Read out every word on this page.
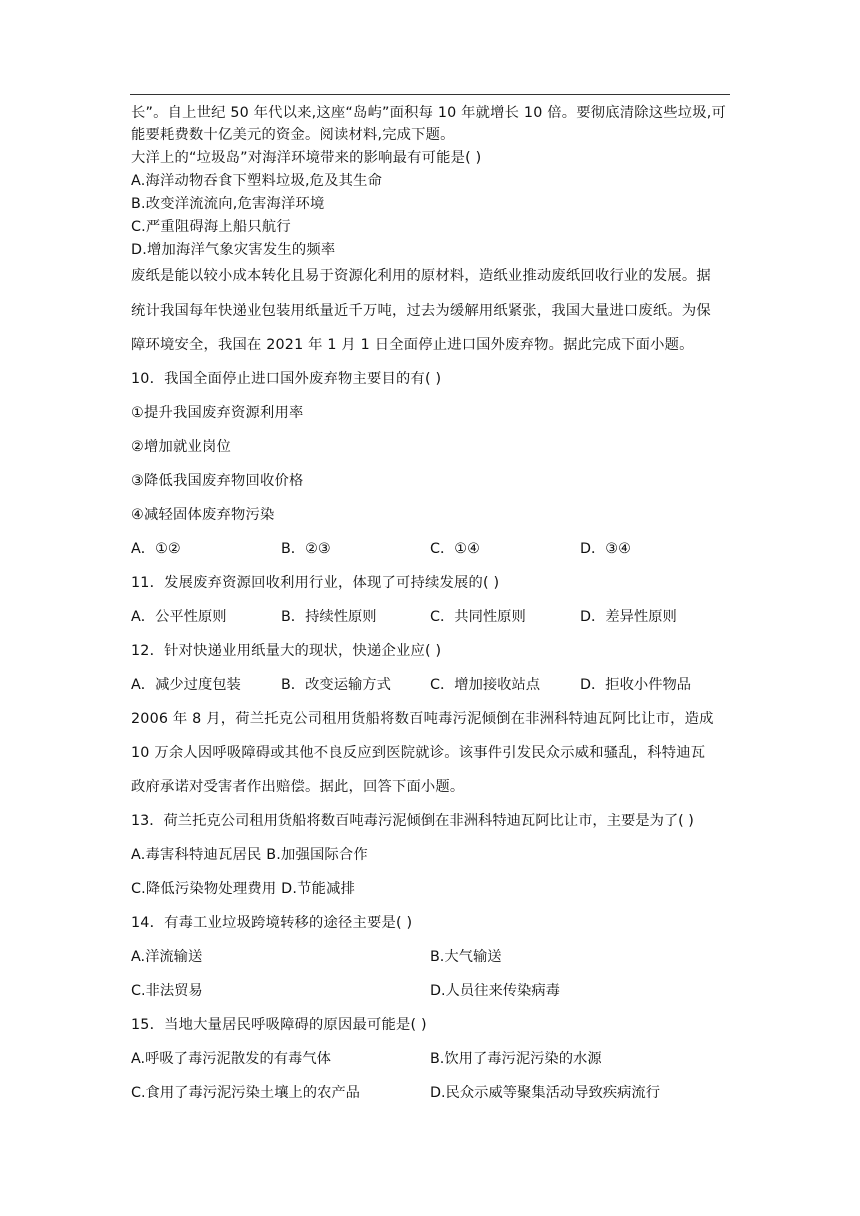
长”。自上世纪 50 年代以来,这座“岛屿”面积每 10 年就增长 10 倍。要彻底清除这些垃圾,可
能要耗费数十亿美元的资金。阅读材料,完成下题。
大洋上的“垃圾岛”对海洋环境带来的影响最有可能是( )
A.海洋动物吞食下塑料垃圾,危及其生命
B.改变洋流流向,危害海洋环境
C.严重阻碍海上船只航行
D.增加海洋气象灾害发生的频率
废纸是能以较小成本转化且易于资源化利用的原材料，造纸业推动废纸回收行业的发展。据
统计我国每年快递业包装用纸量近千万吨，过去为缓解用纸紧张，我国大量进口废纸。为保
障环境安全，我国在 2021 年 1 月 1 日全面停止进口国外废弃物。据此完成下面小题。
10．我国全面停止进口国外废弃物主要目的有( )
①提升我国废弃资源利用率
②增加就业岗位
③降低我国废弃物回收价格
④减轻固体废弃物污染
A．①②	B．②③	C．①④	D．③④
11．发展废弃资源回收利用行业，体现了可持续发展的( )
A．公平性原则	B．持续性原则	C．共同性原则	D．差异性原则
12．针对快递业用纸量大的现状，快递企业应( )
A．减少过度包装	B．改变运输方式	C．增加接收站点	D．拒收小件物品
2006 年 8 月，荷兰托克公司租用货船将数百吨毒污泥倾倒在非洲科特迪瓦阿比让市，造成
10 万余人因呼吸障碍或其他不良反应到医院就诊。该事件引发民众示威和骚乱，科特迪瓦
政府承诺对受害者作出赔偿。据此，回答下面小题。
13．荷兰托克公司租用货船将数百吨毒污泥倾倒在非洲科特迪瓦阿比让市，主要是为了( )
A.毒害科特迪瓦居民 B.加强国际合作
C.降低污染物处理费用 D.节能减排
14．有毒工业垃圾跨境转移的途径主要是( )
A.洋流输送	B.大气输送
C.非法贸易	D.人员往来传染病毒
15．当地大量居民呼吸障碍的原因最可能是( )
A.呼吸了毒污泥散发的有毒气体	B.饮用了毒污泥污染的水源
C.食用了毒污泥污染土壤上的农产品	D.民众示威等聚集活动导致疾病流行
